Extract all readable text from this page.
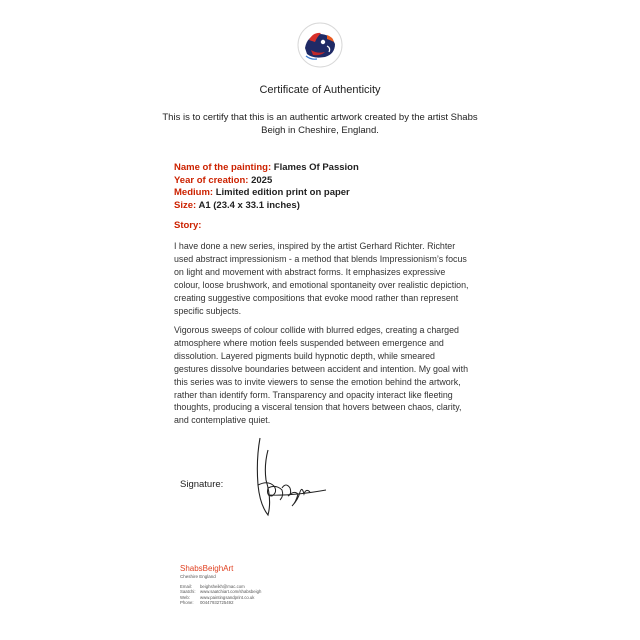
Certificate of Authenticity
This is to certify that this is an authentic artwork created by the artist Shabs Beigh in Cheshire, England.
Name of the painting: Flames Of Passion
Year of creation: 2025
Medium: Limited edition print on paper
Size: A1 (23.4 x 33.1 inches)
Story:
I have done a new series, inspired by the artist Gerhard Richter. Richter used abstract impressionism - a method that blends Impressionism’s focus on light and movement with abstract forms. It emphasizes expressive colour, loose brushwork, and emotional spontaneity over realistic depiction, creating suggestive compositions that evoke mood rather than represent specific subjects.
Vigorous sweeps of colour collide with blurred edges, creating a charged atmosphere where motion feels suspended between emergence and dissolution. Layered pigments build hypnotic depth, while smeared gestures dissolve boundaries between accident and intention. My goal with this series was to invite viewers to sense the emotion behind the artwork, rather than identify form. Transparency and opacity interact like fleeting thoughts, producing a visceral tension that hovers between chaos, clarity, and contemplative quiet.
Signature:
ShabsBeighArt
Cheshire England
Email:	beighsheikh@mac.com
Saatchi:	www.saatchiart.com/shabsbeigh
Web:	www.paintingsandprint.co.uk
Phone:	00447932725492
